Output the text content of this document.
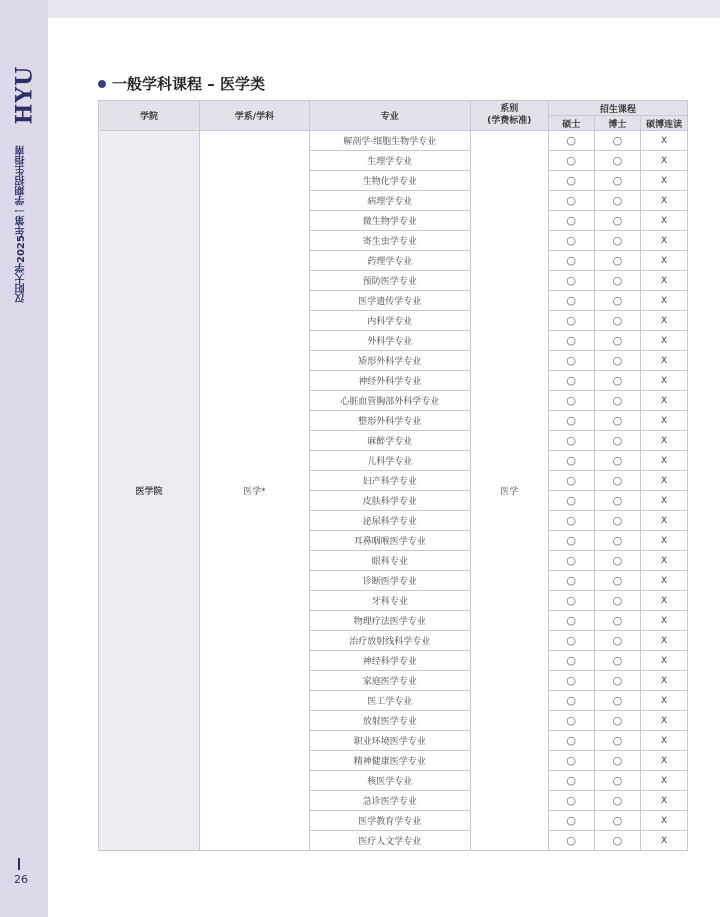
HYU
汉阳大学2025年第一学期招生指南
26
一般学科课程 – 医学类
学院	学系/学科	专业	系别
(学费标准)	招生课程		
				硕士	博士	硕博连读
医学院	医学*	解剖学·细胞生物学专业	医学	○	○	X
		生理学专业		○	○	X
		生物化学专业		○	○	X
		病理学专业		○	○	X
		微生物学专业		○	○	X
		寄生虫学专业		○	○	X
		药理学专业		○	○	X
		预防医学专业		○	○	X
		医学遗传学专业		○	○	X
		内科学专业		○	○	X
		外科学专业		○	○	X
		矫形外科学专业		○	○	X
		神经外科学专业		○	○	X
		心脏血管胸部外科学专业		○	○	X
		整形外科学专业		○	○	X
		麻醉学专业		○	○	X
		儿科学专业		○	○	X
		妇产科学专业		○	○	X
		皮肤科学专业		○	○	X
		泌尿科学专业		○	○	X
		耳鼻咽喉医学专业		○	○	X
		眼科专业		○	○	X
		诊断医学专业		○	○	X
		牙科专业		○	○	X
		物理疗法医学专业		○	○	X
		治疗放射线科学专业		○	○	X
		神经科学专业		○	○	X
		家庭医学专业		○	○	X
		医工学专业		○	○	X
		放射医学专业		○	○	X
		职业环境医学专业		○	○	X
		精神健康医学专业		○	○	X
		核医学专业		○	○	X
		急诊医学专业		○	○	X
		医学教育学专业		○	○	X
		医疗人文学专业		○	○	X
